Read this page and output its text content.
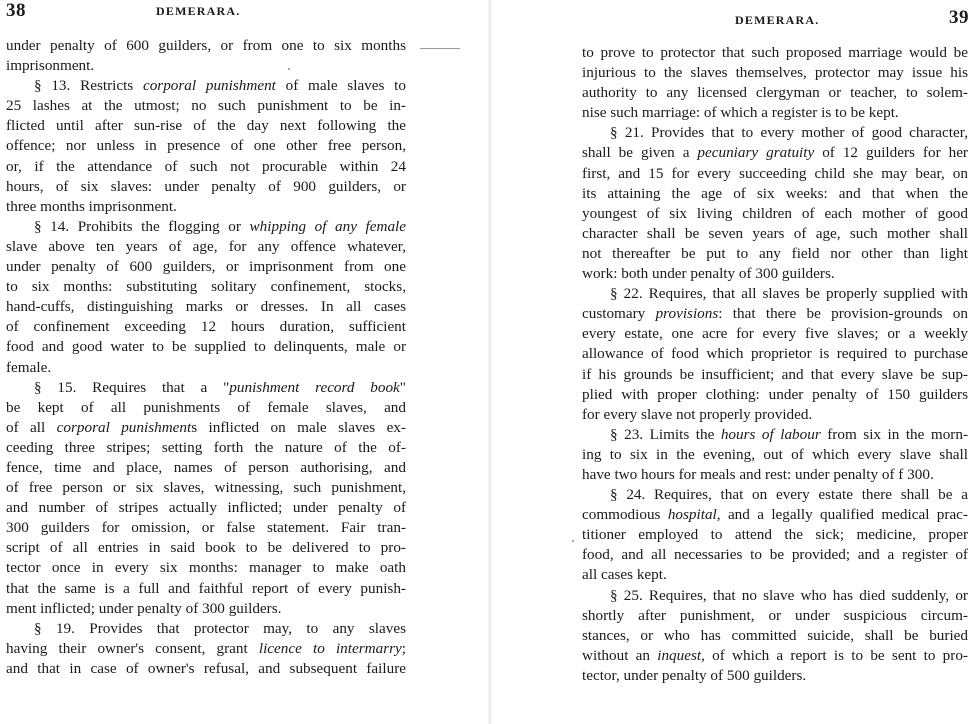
38	DEMERARA.
under penalty of 600 guilders, or from one to six months
imprisonment.
§ 13. Restricts corporal punishment of male slaves to
25 lashes at the utmost; no such punishment to be in-
flicted until after sun-rise of the day next following the
offence; nor unless in presence of one other free person,
or, if the attendance of such not procurable within 24
hours, of six slaves: under penalty of 900 guilders, or
three months imprisonment.
§ 14. Prohibits the flogging or whipping of any female
slave above ten years of age, for any offence whatever,
under penalty of 600 guilders, or imprisonment from one
to six months: substituting solitary confinement, stocks,
hand-cuffs, distinguishing marks or dresses. In all cases
of confinement exceeding 12 hours duration, sufficient
food and good water to be supplied to delinquents, male or
female.
§ 15. Requires that a "punishment record book"
be kept of all punishments of female slaves, and
of all corporal punishments inflicted on male slaves ex-
ceeding three stripes; setting forth the nature of the of-
fence, time and place, names of person authorising, and
of free person or six slaves, witnessing, such punishment,
and number of stripes actually inflicted; under penalty of
300 guilders for omission, or false statement. Fair tran-
script of all entries in said book to be delivered to pro-
tector once in every six months: manager to make oath
that the same is a full and faithful report of every punish-
ment inflicted; under penalty of 300 guilders.
§ 19. Provides that protector may, to any slaves
having their owner's consent, grant licence to intermarry;
and that in case of owner's refusal, and subsequent failure
DEMERARA.	39
to prove to protector that such proposed marriage would be
injurious to the slaves themselves, protector may issue his
authority to any licensed clergyman or teacher, to solem-
nise such marriage: of which a register is to be kept.
§ 21. Provides that to every mother of good character,
shall be given a pecuniary gratuity of 12 guilders for her
first, and 15 for every succeeding child she may bear, on
its attaining the age of six weeks: and that when the
youngest of six living children of each mother of good
character shall be seven years of age, such mother shall
not thereafter be put to any field nor other than light
work: both under penalty of 300 guilders.
§ 22. Requires, that all slaves be properly supplied with
customary provisions: that there be provision-grounds on
every estate, one acre for every five slaves; or a weekly
allowance of food which proprietor is required to purchase
if his grounds be insufficient; and that every slave be sup-
plied with proper clothing: under penalty of 150 guilders
for every slave not properly provided.
§ 23. Limits the hours of labour from six in the morn-
ing to six in the evening, out of which every slave shall
have two hours for meals and rest: under penalty of f 300.
§ 24. Requires, that on every estate there shall be a
commodious hospital, and a legally qualified medical prac-
titioner employed to attend the sick; medicine, proper
food, and all necessaries to be provided; and a register of
all cases kept.
§ 25. Requires, that no slave who has died suddenly, or
shortly after punishment, or under suspicious circum-
stances, or who has committed suicide, shall be buried
without an inquest, of which a report is to be sent to pro-
tector, under penalty of 500 guilders.
